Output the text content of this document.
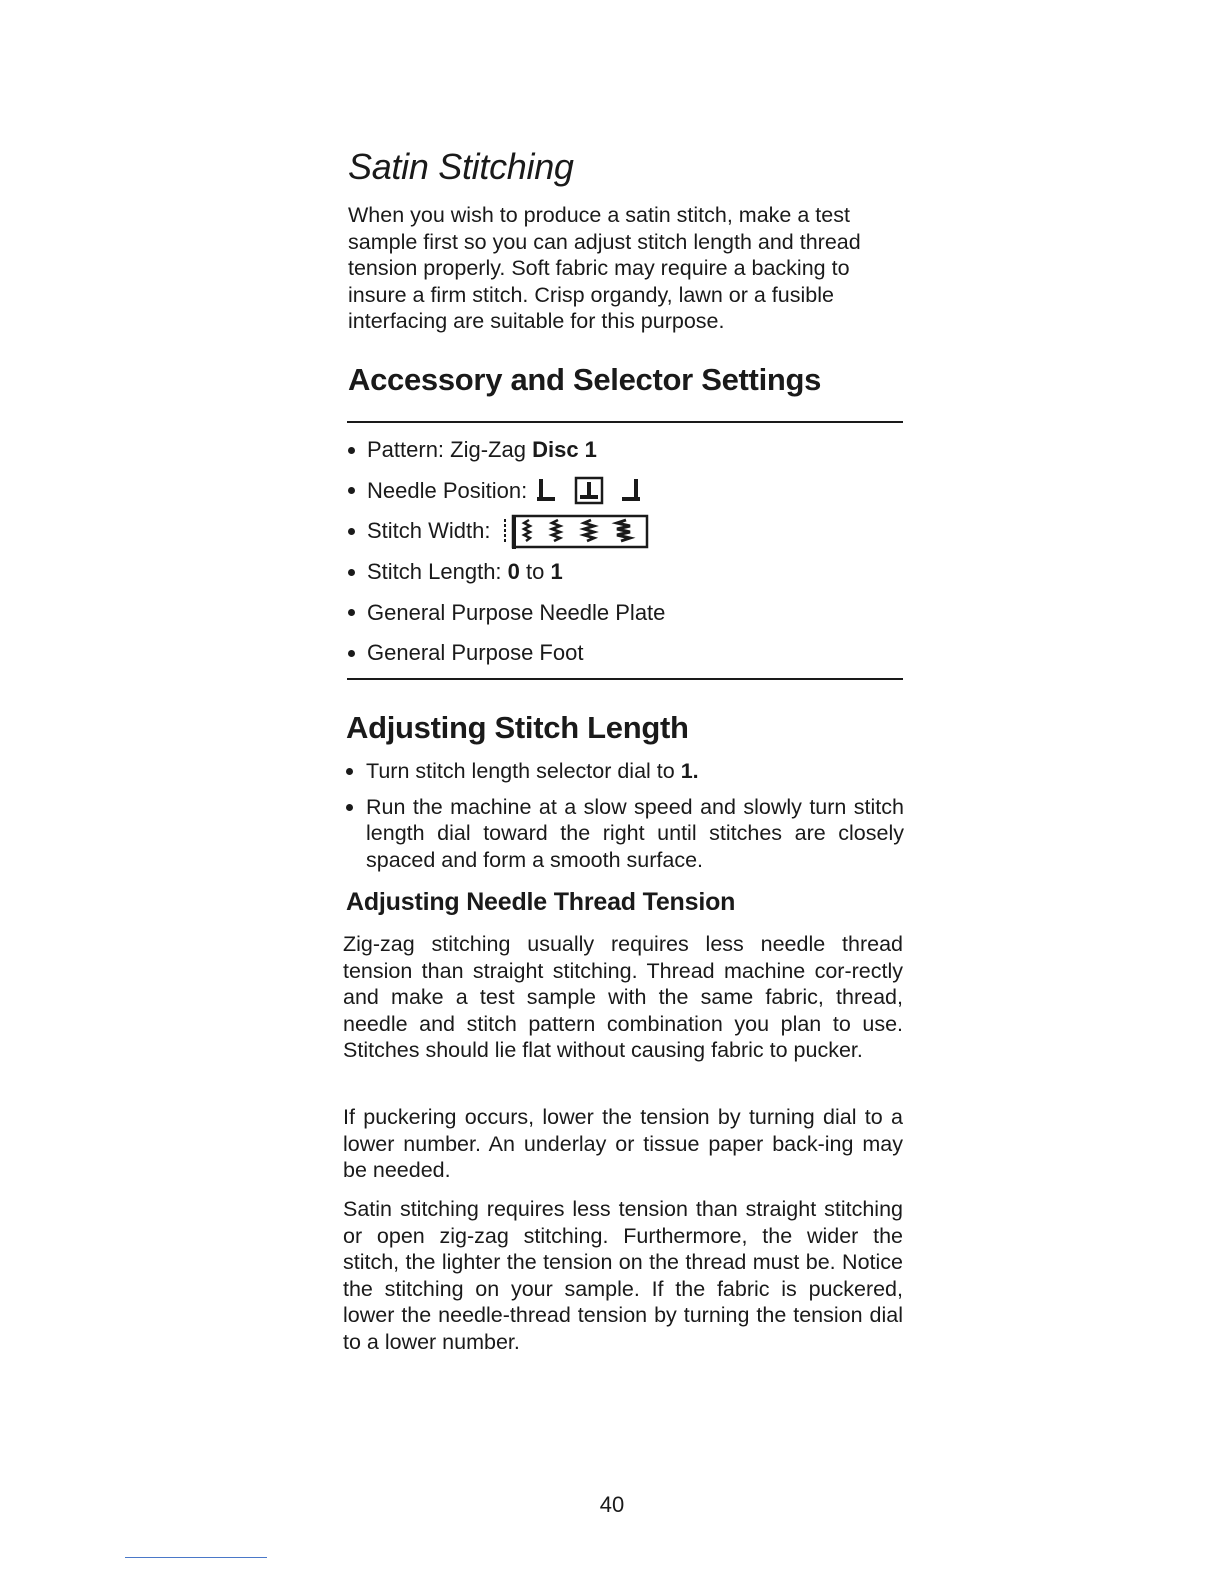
Satin Stitching

When you wish to produce a satin stitch, make a test sample first so you can adjust stitch length and thread tension properly. Soft fabric may require a backing to insure a firm stitch. Crisp organdy, lawn or a fusible interfacing are suitable for this purpose.

Accessory and Selector Settings
Pattern: Zig-Zag Disc 1
Needle Position:
Stitch Width:
Stitch Length: 0 to 1
General Purpose Needle Plate
General Purpose Foot
Adjusting Stitch Length
Turn stitch length selector dial to 1.
Run the machine at a slow speed and slowly turn stitch length dial toward the right until stitches are closely spaced and form a smooth surface.
Adjusting Needle Thread Tension

Zig-zag stitching usually requires less needle thread tension than straight stitching. Thread machine cor-rectly and make a test sample with the same fabric, thread, needle and stitch pattern combination you plan to use. Stitches should lie flat without causing fabric to pucker.

If puckering occurs, lower the tension by turning dial to a lower number. An underlay or tissue paper back-ing may be needed.

Satin stitching requires less tension than straight stitching or open zig-zag stitching. Furthermore, the wider the stitch, the lighter the tension on the thread must be. Notice the stitching on your sample. If the fabric is puckered, lower the needle-thread tension by turning the tension dial to a lower number.

40
